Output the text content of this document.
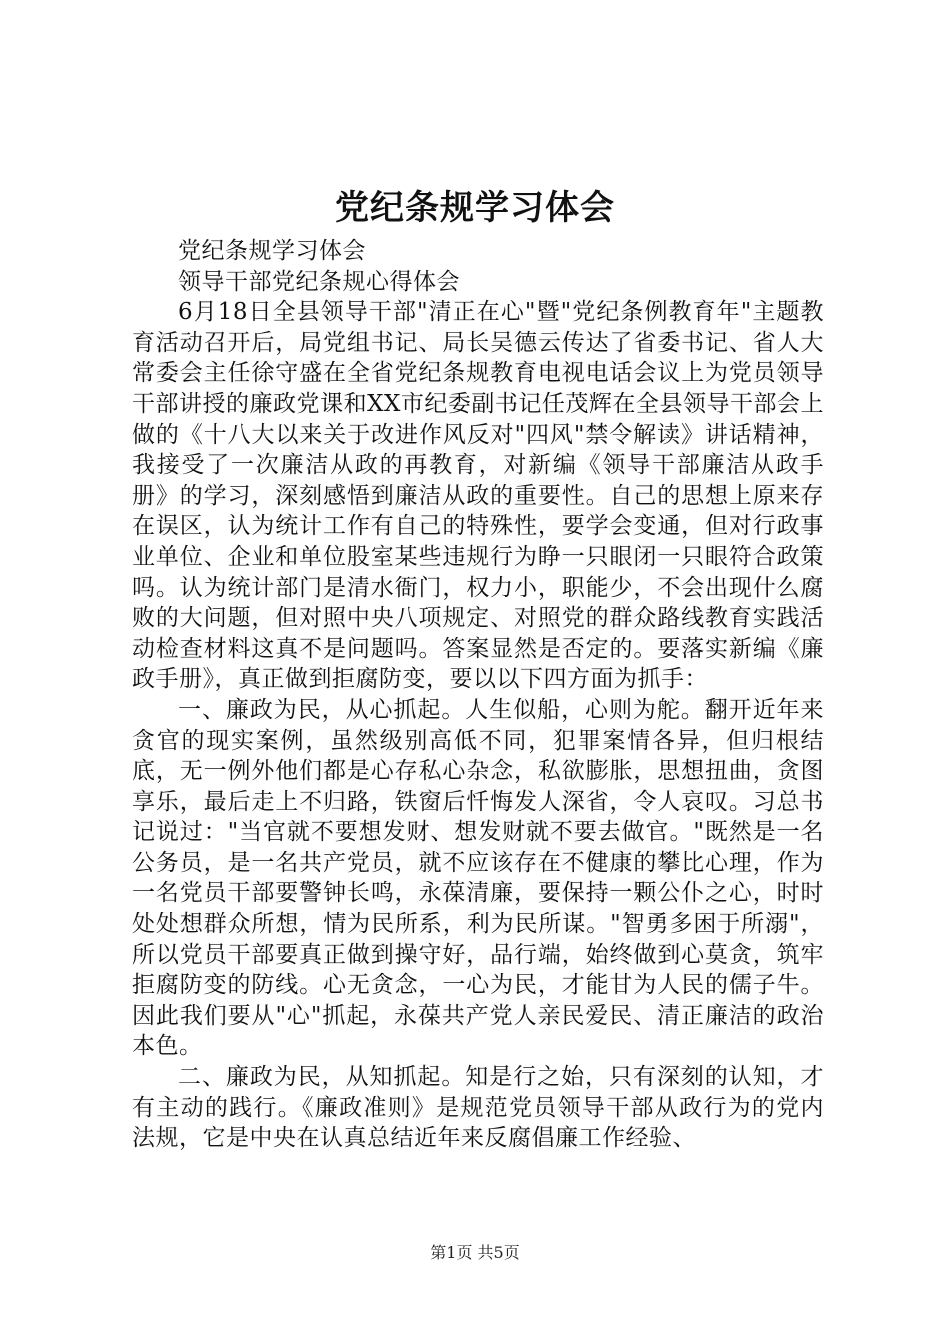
党纪条规学习体会

党纪条规学习体会

领导干部党纪条规心得体会

6月18日全县领导干部"清正在心"暨"党纪条例教育年"主题教育活动召开后，局党组书记、局长吴德云传达了省委书记、省人大常委会主任徐守盛在全省党纪条规教育电视电话会议上为党员领导干部讲授的廉政党课和XX市纪委副书记任茂辉在全县领导干部会上做的《十八大以来关于改进作风反对"四风"禁令解读》讲话精神，我接受了一次廉洁从政的再教育，对新编《领导干部廉洁从政手册》的学习，深刻感悟到廉洁从政的重要性。自己的思想上原来存在误区，认为统计工作有自己的特殊性，要学会变通，但对行政事业单位、企业和单位股室某些违规行为睁一只眼闭一只眼符合政策吗。认为统计部门是清水衙门，权力小，职能少，不会出现什么腐败的大问题，但对照中央八项规定、对照党的群众路线教育实践活动检查材料这真不是问题吗。答案显然是否定的。要落实新编《廉政手册》，真正做到拒腐防变，要以以下四方面为抓手：

一、廉政为民，从心抓起。人生似船，心则为舵。翻开近年来贪官的现实案例，虽然级别高低不同，犯罪案情各异，但归根结底，无一例外他们都是心存私心杂念，私欲膨胀，思想扭曲，贪图享乐，最后走上不归路，铁窗后忏悔发人深省，令人哀叹。习总书记说过："当官就不要想发财、想发财就不要去做官。"既然是一名公务员，是一名共产党员，就不应该存在不健康的攀比心理，作为一名党员干部要警钟长鸣，永葆清廉，要保持一颗公仆之心，时时处处想群众所想，情为民所系，利为民所谋。"智勇多困于所溺"，所以党员干部要真正做到操守好，品行端，始终做到心莫贪，筑牢拒腐防变的防线。心无贪念，一心为民，才能甘为人民的儒子牛。因此我们要从"心"抓起，永葆共产党人亲民爱民、清正廉洁的政治本色。

二、廉政为民，从知抓起。知是行之始，只有深刻的认知，才有主动的践行。《廉政准则》是规范党员领导干部从政行为的党内法规，它是中央在认真总结近年来反腐倡廉工作经验、

第1页 共5页
